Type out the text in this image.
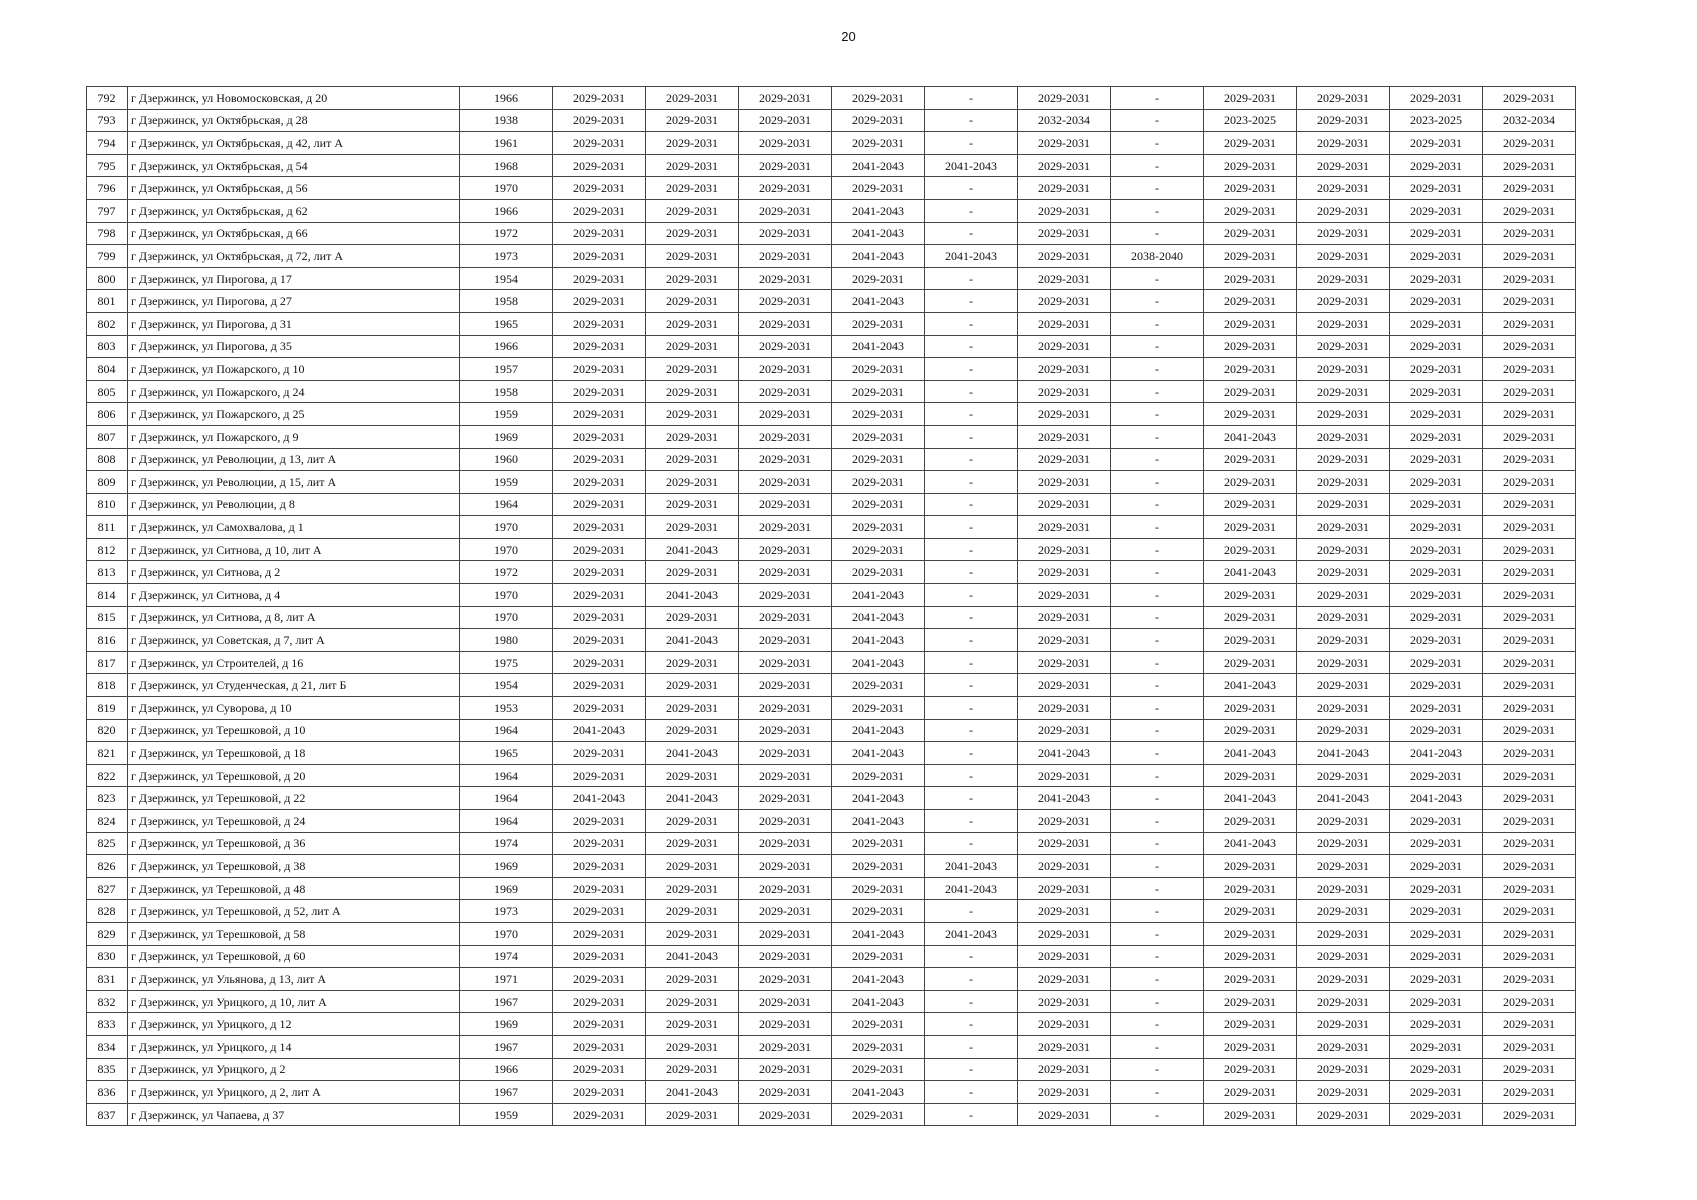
20
792	г Дзержинск, ул Новомосковская, д 20	1966	2029-2031	2029-2031	2029-2031	2029-2031	-	2029-2031	-	2029-2031	2029-2031	2029-2031	2029-2031
793	г Дзержинск, ул Октябрьская, д 28	1938	2029-2031	2029-2031	2029-2031	2029-2031	-	2032-2034	-	2023-2025	2029-2031	2023-2025	2032-2034
794	г Дзержинск, ул Октябрьская, д 42, лит А	1961	2029-2031	2029-2031	2029-2031	2029-2031	-	2029-2031	-	2029-2031	2029-2031	2029-2031	2029-2031
795	г Дзержинск, ул Октябрьская, д 54	1968	2029-2031	2029-2031	2029-2031	2041-2043	2041-2043	2029-2031	-	2029-2031	2029-2031	2029-2031	2029-2031
796	г Дзержинск, ул Октябрьская, д 56	1970	2029-2031	2029-2031	2029-2031	2029-2031	-	2029-2031	-	2029-2031	2029-2031	2029-2031	2029-2031
797	г Дзержинск, ул Октябрьская, д 62	1966	2029-2031	2029-2031	2029-2031	2041-2043	-	2029-2031	-	2029-2031	2029-2031	2029-2031	2029-2031
798	г Дзержинск, ул Октябрьская, д 66	1972	2029-2031	2029-2031	2029-2031	2041-2043	-	2029-2031	-	2029-2031	2029-2031	2029-2031	2029-2031
799	г Дзержинск, ул Октябрьская, д 72, лит А	1973	2029-2031	2029-2031	2029-2031	2041-2043	2041-2043	2029-2031	2038-2040	2029-2031	2029-2031	2029-2031	2029-2031
800	г Дзержинск, ул Пирогова, д 17	1954	2029-2031	2029-2031	2029-2031	2029-2031	-	2029-2031	-	2029-2031	2029-2031	2029-2031	2029-2031
801	г Дзержинск, ул Пирогова, д 27	1958	2029-2031	2029-2031	2029-2031	2041-2043	-	2029-2031	-	2029-2031	2029-2031	2029-2031	2029-2031
802	г Дзержинск, ул Пирогова, д 31	1965	2029-2031	2029-2031	2029-2031	2029-2031	-	2029-2031	-	2029-2031	2029-2031	2029-2031	2029-2031
803	г Дзержинск, ул Пирогова, д 35	1966	2029-2031	2029-2031	2029-2031	2041-2043	-	2029-2031	-	2029-2031	2029-2031	2029-2031	2029-2031
804	г Дзержинск, ул Пожарского, д 10	1957	2029-2031	2029-2031	2029-2031	2029-2031	-	2029-2031	-	2029-2031	2029-2031	2029-2031	2029-2031
805	г Дзержинск, ул Пожарского, д 24	1958	2029-2031	2029-2031	2029-2031	2029-2031	-	2029-2031	-	2029-2031	2029-2031	2029-2031	2029-2031
806	г Дзержинск, ул Пожарского, д 25	1959	2029-2031	2029-2031	2029-2031	2029-2031	-	2029-2031	-	2029-2031	2029-2031	2029-2031	2029-2031
807	г Дзержинск, ул Пожарского, д 9	1969	2029-2031	2029-2031	2029-2031	2029-2031	-	2029-2031	-	2041-2043	2029-2031	2029-2031	2029-2031
808	г Дзержинск, ул Революции, д 13, лит А	1960	2029-2031	2029-2031	2029-2031	2029-2031	-	2029-2031	-	2029-2031	2029-2031	2029-2031	2029-2031
809	г Дзержинск, ул Революции, д 15, лит А	1959	2029-2031	2029-2031	2029-2031	2029-2031	-	2029-2031	-	2029-2031	2029-2031	2029-2031	2029-2031
810	г Дзержинск, ул Революции, д 8	1964	2029-2031	2029-2031	2029-2031	2029-2031	-	2029-2031	-	2029-2031	2029-2031	2029-2031	2029-2031
811	г Дзержинск, ул Самохвалова, д 1	1970	2029-2031	2029-2031	2029-2031	2029-2031	-	2029-2031	-	2029-2031	2029-2031	2029-2031	2029-2031
812	г Дзержинск, ул Ситнова, д 10, лит А	1970	2029-2031	2041-2043	2029-2031	2029-2031	-	2029-2031	-	2029-2031	2029-2031	2029-2031	2029-2031
813	г Дзержинск, ул Ситнова, д 2	1972	2029-2031	2029-2031	2029-2031	2029-2031	-	2029-2031	-	2041-2043	2029-2031	2029-2031	2029-2031
814	г Дзержинск, ул Ситнова, д 4	1970	2029-2031	2041-2043	2029-2031	2041-2043	-	2029-2031	-	2029-2031	2029-2031	2029-2031	2029-2031
815	г Дзержинск, ул Ситнова, д 8, лит А	1970	2029-2031	2029-2031	2029-2031	2041-2043	-	2029-2031	-	2029-2031	2029-2031	2029-2031	2029-2031
816	г Дзержинск, ул Советская, д 7, лит А	1980	2029-2031	2041-2043	2029-2031	2041-2043	-	2029-2031	-	2029-2031	2029-2031	2029-2031	2029-2031
817	г Дзержинск, ул Строителей, д 16	1975	2029-2031	2029-2031	2029-2031	2041-2043	-	2029-2031	-	2029-2031	2029-2031	2029-2031	2029-2031
818	г Дзержинск, ул Студенческая, д 21, лит Б	1954	2029-2031	2029-2031	2029-2031	2029-2031	-	2029-2031	-	2041-2043	2029-2031	2029-2031	2029-2031
819	г Дзержинск, ул Суворова, д 10	1953	2029-2031	2029-2031	2029-2031	2029-2031	-	2029-2031	-	2029-2031	2029-2031	2029-2031	2029-2031
820	г Дзержинск, ул Терешковой, д 10	1964	2041-2043	2029-2031	2029-2031	2041-2043	-	2029-2031	-	2029-2031	2029-2031	2029-2031	2029-2031
821	г Дзержинск, ул Терешковой, д 18	1965	2029-2031	2041-2043	2029-2031	2041-2043	-	2041-2043	-	2041-2043	2041-2043	2041-2043	2029-2031
822	г Дзержинск, ул Терешковой, д 20	1964	2029-2031	2029-2031	2029-2031	2029-2031	-	2029-2031	-	2029-2031	2029-2031	2029-2031	2029-2031
823	г Дзержинск, ул Терешковой, д 22	1964	2041-2043	2041-2043	2029-2031	2041-2043	-	2041-2043	-	2041-2043	2041-2043	2041-2043	2029-2031
824	г Дзержинск, ул Терешковой, д 24	1964	2029-2031	2029-2031	2029-2031	2041-2043	-	2029-2031	-	2029-2031	2029-2031	2029-2031	2029-2031
825	г Дзержинск, ул Терешковой, д 36	1974	2029-2031	2029-2031	2029-2031	2029-2031	-	2029-2031	-	2041-2043	2029-2031	2029-2031	2029-2031
826	г Дзержинск, ул Терешковой, д 38	1969	2029-2031	2029-2031	2029-2031	2029-2031	2041-2043	2029-2031	-	2029-2031	2029-2031	2029-2031	2029-2031
827	г Дзержинск, ул Терешковой, д 48	1969	2029-2031	2029-2031	2029-2031	2029-2031	2041-2043	2029-2031	-	2029-2031	2029-2031	2029-2031	2029-2031
828	г Дзержинск, ул Терешковой, д 52, лит А	1973	2029-2031	2029-2031	2029-2031	2029-2031	-	2029-2031	-	2029-2031	2029-2031	2029-2031	2029-2031
829	г Дзержинск, ул Терешковой, д 58	1970	2029-2031	2029-2031	2029-2031	2041-2043	2041-2043	2029-2031	-	2029-2031	2029-2031	2029-2031	2029-2031
830	г Дзержинск, ул Терешковой, д 60	1974	2029-2031	2041-2043	2029-2031	2029-2031	-	2029-2031	-	2029-2031	2029-2031	2029-2031	2029-2031
831	г Дзержинск, ул Ульянова, д 13, лит А	1971	2029-2031	2029-2031	2029-2031	2041-2043	-	2029-2031	-	2029-2031	2029-2031	2029-2031	2029-2031
832	г Дзержинск, ул Урицкого, д 10, лит А	1967	2029-2031	2029-2031	2029-2031	2041-2043	-	2029-2031	-	2029-2031	2029-2031	2029-2031	2029-2031
833	г Дзержинск, ул Урицкого, д 12	1969	2029-2031	2029-2031	2029-2031	2029-2031	-	2029-2031	-	2029-2031	2029-2031	2029-2031	2029-2031
834	г Дзержинск, ул Урицкого, д 14	1967	2029-2031	2029-2031	2029-2031	2029-2031	-	2029-2031	-	2029-2031	2029-2031	2029-2031	2029-2031
835	г Дзержинск, ул Урицкого, д 2	1966	2029-2031	2029-2031	2029-2031	2029-2031	-	2029-2031	-	2029-2031	2029-2031	2029-2031	2029-2031
836	г Дзержинск, ул Урицкого, д 2, лит А	1967	2029-2031	2041-2043	2029-2031	2041-2043	-	2029-2031	-	2029-2031	2029-2031	2029-2031	2029-2031
837	г Дзержинск, ул Чапаева, д 37	1959	2029-2031	2029-2031	2029-2031	2029-2031	-	2029-2031	-	2029-2031	2029-2031	2029-2031	2029-2031
